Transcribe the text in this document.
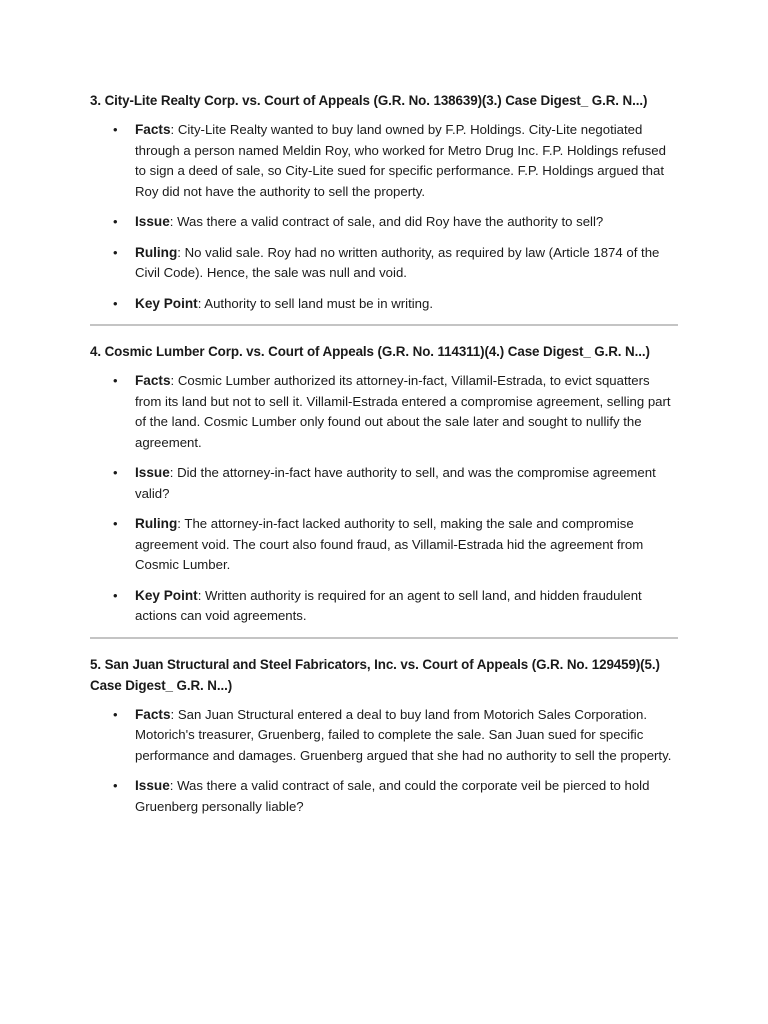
3. City-Lite Realty Corp. vs. Court of Appeals (G.R. No. 138639)(3.) Case Digest_ G.R. N...)
• Facts: City-Lite Realty wanted to buy land owned by F.P. Holdings. City-Lite negotiated through a person named Meldin Roy, who worked for Metro Drug Inc. F.P. Holdings refused to sign a deed of sale, so City-Lite sued for specific performance. F.P. Holdings argued that Roy did not have the authority to sell the property.
• Issue: Was there a valid contract of sale, and did Roy have the authority to sell?
• Ruling: No valid sale. Roy had no written authority, as required by law (Article 1874 of the Civil Code). Hence, the sale was null and void.
• Key Point: Authority to sell land must be in writing.
4. Cosmic Lumber Corp. vs. Court of Appeals (G.R. No. 114311)(4.) Case Digest_ G.R. N...)
• Facts: Cosmic Lumber authorized its attorney-in-fact, Villamil-Estrada, to evict squatters from its land but not to sell it. Villamil-Estrada entered a compromise agreement, selling part of the land. Cosmic Lumber only found out about the sale later and sought to nullify the agreement.
• Issue: Did the attorney-in-fact have authority to sell, and was the compromise agreement valid?
• Ruling: The attorney-in-fact lacked authority to sell, making the sale and compromise agreement void. The court also found fraud, as Villamil-Estrada hid the agreement from Cosmic Lumber.
• Key Point: Written authority is required for an agent to sell land, and hidden fraudulent actions can void agreements.
5. San Juan Structural and Steel Fabricators, Inc. vs. Court of Appeals (G.R. No. 129459)(5.) Case Digest_ G.R. N...)
• Facts: San Juan Structural entered a deal to buy land from Motorich Sales Corporation. Motorich's treasurer, Gruenberg, failed to complete the sale. San Juan sued for specific performance and damages. Gruenberg argued that she had no authority to sell the property.
• Issue: Was there a valid contract of sale, and could the corporate veil be pierced to hold Gruenberg personally liable?
